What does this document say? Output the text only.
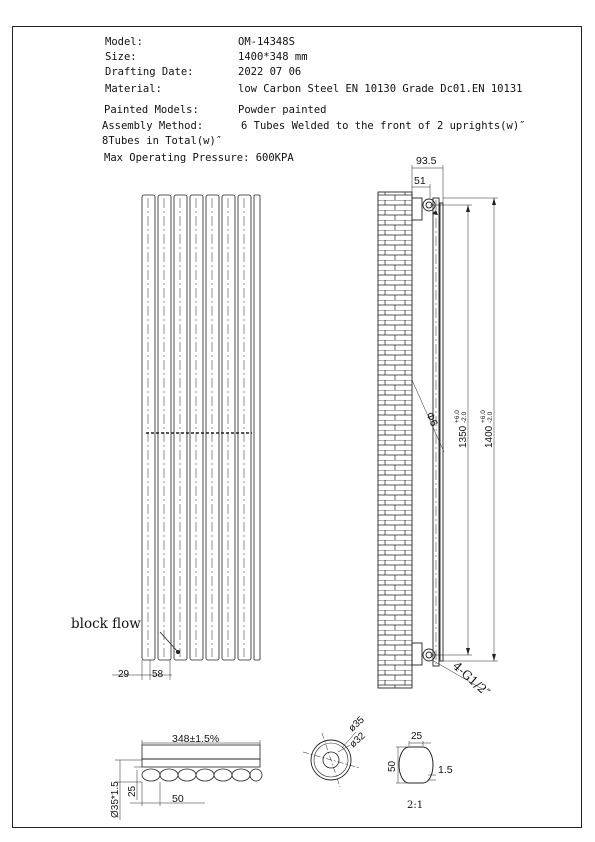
Model:	OM-14348S
Size:	1400*348 mm
Drafting Date:	2022 07 06
Material:	low Carbon Steel EN 10130 Grade Dc01.EN 10131
Painted Models:	Powder painted
Assembly Method:	6 Tubes Welded to the front of 2 uprights(w)″
8Tubes in Total(w)″
Max Operating Pressure: 600KPA
block flow
29 58
93.5
51
1350
+6.0 -2.0
1400
+6.0 -2.0
Φ6
4-G1/2″
348±1.5%
25
50
Ø35*1.5
ø35
ø32	25
50	1.5
2:1
